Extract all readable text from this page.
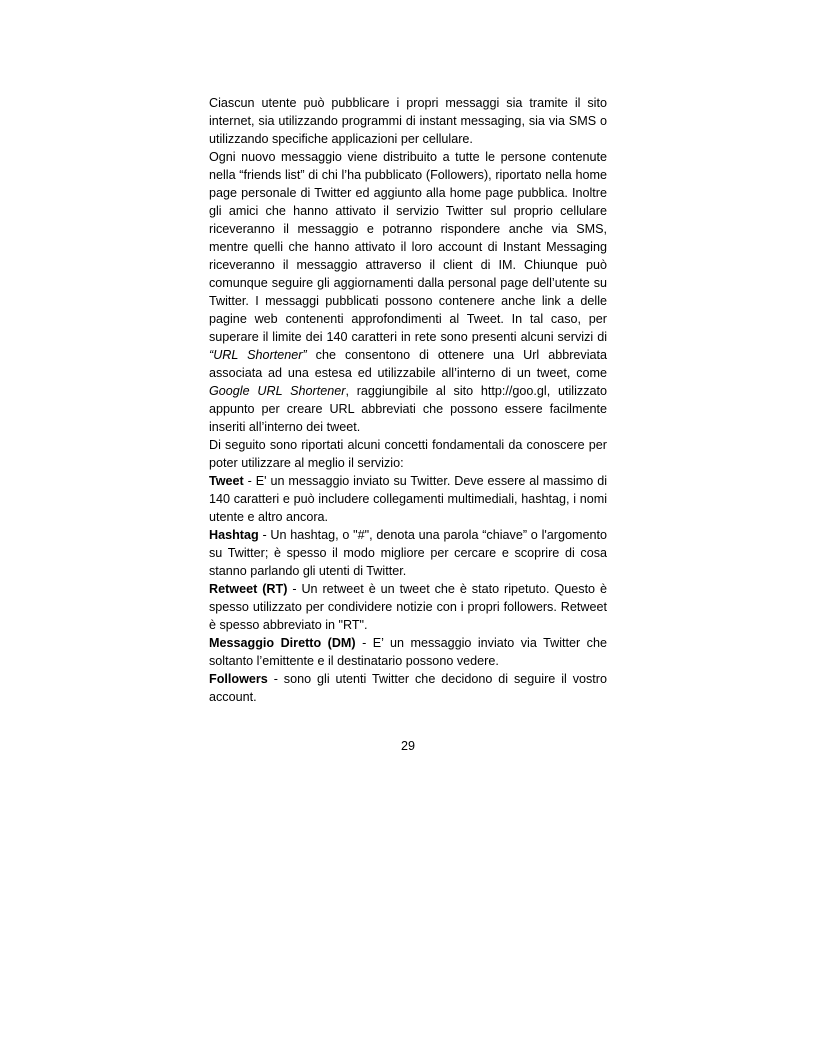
Ciascun utente può pubblicare i propri messaggi sia tramite il sito internet, sia utilizzando programmi di instant messaging, sia via SMS o utilizzando specifiche applicazioni per cellulare.

Ogni nuovo messaggio viene distribuito a tutte le persone contenute nella “friends list” di chi l’ha pubblicato (Followers), riportato nella home page personale di Twitter ed aggiunto alla home page pubblica. Inoltre gli amici che hanno attivato il servizio Twitter sul proprio cellulare riceveranno il messaggio e potranno rispondere anche via SMS, mentre quelli che hanno attivato il loro account di Instant Messaging riceveranno il messaggio attraverso il client di IM. Chiunque può comunque seguire gli aggiornamenti dalla personal page dell’utente su Twitter. I messaggi pubblicati possono contenere anche link a delle pagine web contenenti approfondimenti al Tweet. In tal caso, per superare il limite dei 140 caratteri in rete sono presenti alcuni servizi di “URL Shortener” che consentono di ottenere una Url abbreviata associata ad una estesa ed utilizzabile all’interno di un tweet, come Google URL Shortener, raggiungibile al sito http://goo.gl, utilizzato appunto per creare URL abbreviati che possono essere facilmente inseriti all’interno dei tweet.

Di seguito sono riportati alcuni concetti fondamentali da conoscere per poter utilizzare al meglio il servizio:

Tweet - E' un messaggio inviato su Twitter. Deve essere al massimo di 140 caratteri e può includere collegamenti multimediali, hashtag, i nomi utente e altro ancora.

Hashtag - Un hashtag, o "#", denota una parola “chiave” o l'argomento su Twitter; è spesso il modo migliore per cercare e scoprire di cosa stanno parlando gli utenti di Twitter.

Retweet (RT) - Un retweet è un tweet che è stato ripetuto. Questo è spesso utilizzato per condividere notizie con i propri followers. Retweet è spesso abbreviato in "RT".

Messaggio Diretto (DM) - E’ un messaggio inviato via Twitter che soltanto l’emittente e il destinatario possono vedere.

Followers - sono gli utenti Twitter che decidono di seguire il vostro account.

29
